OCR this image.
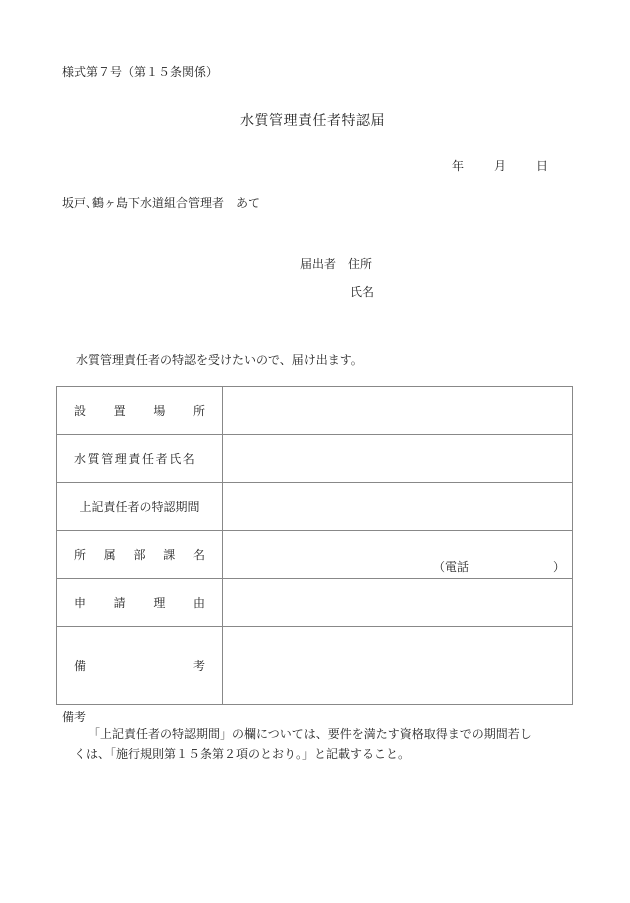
様式第７号（第１５条関係）
水質管理責任者特認届
年	月	日
坂戸､鶴ヶ島下水道組合管理者　あて
届出者　 住所
氏名
水質管理責任者の特認を受けたいので、届け出ます。
設 置 場 所	

水質管理責任者氏名	

上記責任者の特認期間	

所 属 部 課 名	（電話 ）

申 請 理 由	

備 考	

備考
「上記責任者の特認期間」の欄については、要件を満たす資格取得までの期間若し
くは、「施行規則第１５条第２項のとおり。」と記載すること。
